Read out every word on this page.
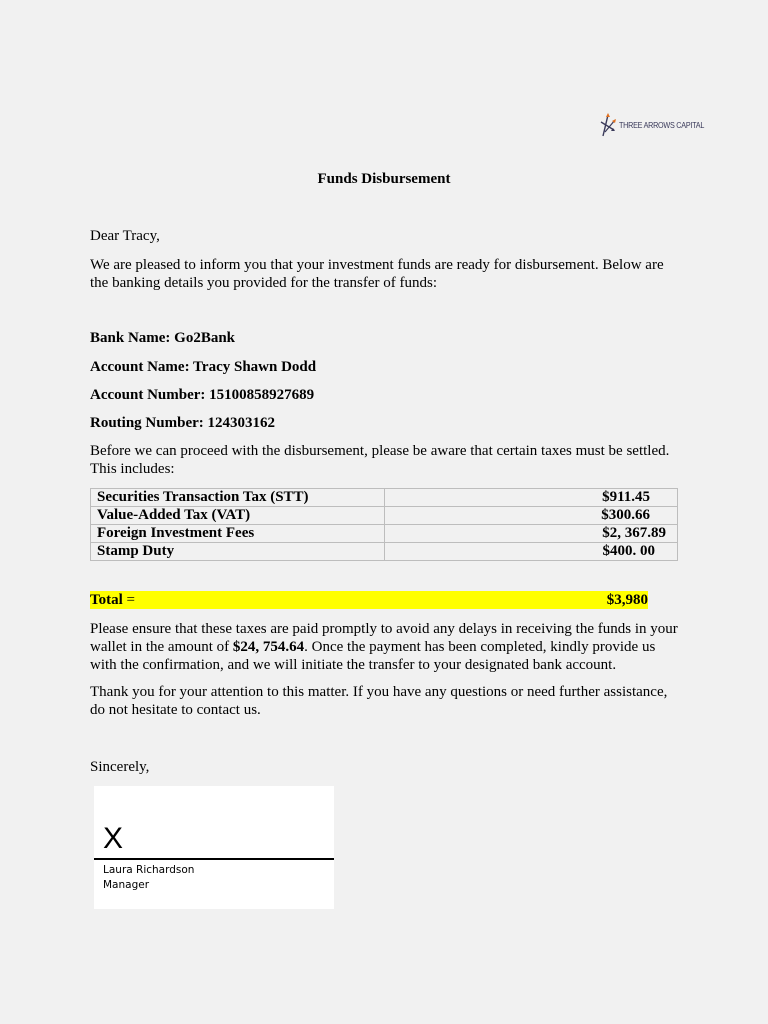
THREE ARROWS CAPITAL
Funds Disbursement
Dear Tracy,
We are pleased to inform you that your investment funds are ready for disbursement. Below are the banking details you provided for the transfer of funds:
Bank Name: Go2Bank
Account Name: Tracy Shawn Dodd
Account Number: 15100858927689
Routing Number: 124303162
Before we can proceed with the disbursement, please be aware that certain taxes must be settled. This includes:
Securities Transaction Tax (STT)	$911.45
Value-Added Tax (VAT)	$300.66
Foreign Investment Fees	$2, 367.89
Stamp Duty	$400. 00
Total =	$3,980
Please ensure that these taxes are paid promptly to avoid any delays in receiving the funds in your wallet in the amount of $24, 754.64. Once the payment has been completed, kindly provide us with the confirmation, and we will initiate the transfer to your designated bank account.
Thank you for your attention to this matter. If you have any questions or need further assistance, do not hesitate to contact us.
Sincerely,
X
Laura Richardson
Manager
